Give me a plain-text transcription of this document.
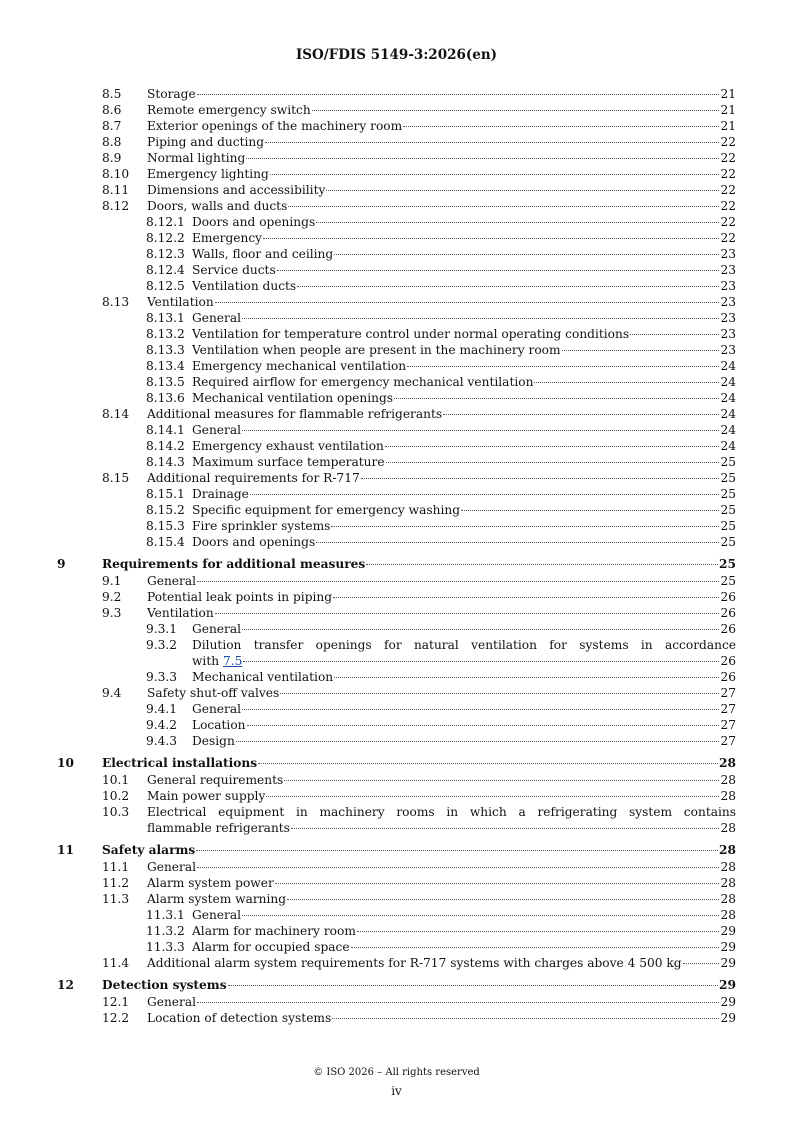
ISO/FDIS 5149-3:2026(en)
8.5 Storage	21
8.6 Remote emergency switch	21
8.7 Exterior openings of the machinery room	21
8.8 Piping and ducting	22
8.9 Normal lighting	22
8.10 Emergency lighting	22
8.11 Dimensions and accessibility	22
8.12 Doors, walls and ducts	22
8.12.1 Doors and openings	22
8.12.2 Emergency	22
8.12.3 Walls, floor and ceiling	23
8.12.4 Service ducts	23
8.12.5 Ventilation ducts	23
8.13 Ventilation	23
8.13.1 General	23
8.13.2 Ventilation for temperature control under normal operating conditions	23
8.13.3 Ventilation when people are present in the machinery room	23
8.13.4 Emergency mechanical ventilation	24
8.13.5 Required airflow for emergency mechanical ventilation	24
8.13.6 Mechanical ventilation openings	24
8.14 Additional measures for flammable refrigerants	24
8.14.1 General	24
8.14.2 Emergency exhaust ventilation	24
8.14.3 Maximum surface temperature	25
8.15 Additional requirements for R-717	25
8.15.1 Drainage	25
8.15.2 Specific equipment for emergency washing	25
8.15.3 Fire sprinkler systems	25
8.15.4 Doors and openings	25
9	Requirements for additional measures	25
9.1 General	25
9.2 Potential leak points in piping	26
9.3 Ventilation	26
9.3.1 General	26
9.3.2 Dilution transfer openings for natural ventilation for systems in accordance
with 7.5	26
9.3.3 Mechanical ventilation	26
9.4 Safety shut-off valves	27
9.4.1 General	27
9.4.2 Location	27
9.4.3 Design	27
10 Electrical installations	28
10.1 General requirements	28
10.2 Main power supply	28
10.3 Electrical equipment in machinery rooms in which a refrigerating system contains
flammable refrigerants	28
11 Safety alarms	28
11.1 General	28
11.2 Alarm system power	28
11.3 Alarm system warning	28
11.3.1 General	28
11.3.2 Alarm for machinery room	29
11.3.3 Alarm for occupied space	29
11.4 Additional alarm system requirements for R-717 systems with charges above 4 500 kg	29
12 Detection systems	29
12.1 General	29
12.2 Location of detection systems	29
© ISO 2026 – All rights reserved
iv
